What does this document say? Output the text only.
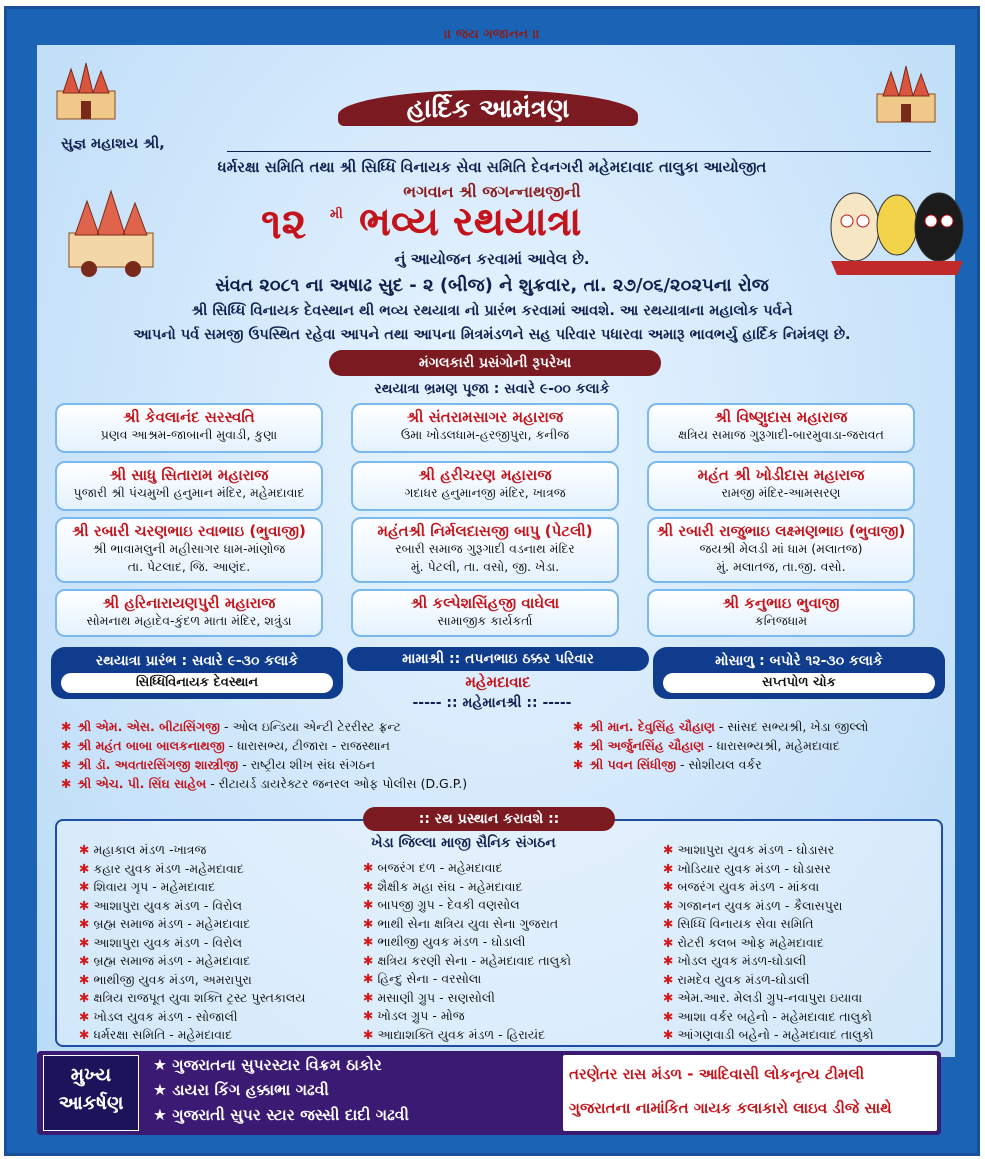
।। જય ગજાનન ।।
હાર્દિક આમંત્રણ
સુજ્ઞ મહાશય શ્રી,
ધર્મરક્ષા સમિતિ તથા શ્રી સિધ્ધિ વિનાયક સેવા સમિતિ દેવનગરી મહેમદાવાદ તાલુકા આયોજીત
ભગવાન શ્રી જગન્નાથજીની
૧૨ મી ભવ્ય રથયાત્રા
નું આયોજન કરવામાં આવેલ છે.
સંવત ૨૦૮૧ ના અષાઢ સુદ - ૨ (બીજ) ને શુક્રવાર, તા. ૨૭/૦૬/૨૦૨૫ના રોજ
શ્રી સિધ્ધિ વિનાયક દેવસ્થાન થી ભવ્ય રથયાત્રા નો પ્રારંભ કરવામાં આવશે. આ રથયાત્રાના મહાલોક પર્વને
આપનો પર્વ સમજી ઉપસ્થિત રહેવા આપને તથા આપના મિત્રમંડળને સહ પરિવાર પધારવા અમારૂ ભાવભર્યુ હાર્દિક નિમંત્રણ છે.
મંગલકારી પ્રસંગોની રૂપરેખા
રથયાત્રા ભ્રમણ પૂજા : સવારે ૯-૦૦ કલાકે
શ્રી કેવલાનંદ સરસ્વતિ
પ્રણવ આશ્રમ-જાબાની મુવાડી, કુણા
શ્રી સંતરામસાગર મહારાજ
ઉમા ખોડલધામ-હરજીપુરા, કનીજ
શ્રી વિષ્ણુદાસ મહારાજ
ક્ષત્રિય સમાજ ગુરૂગાદી-બારમુવાડા-જરાવત
શ્રી સાધુ સિતારામ મહારાજ
પુજારી શ્રી પંચમુખી હનુમાન મંદિર, મહેમદાવાદ
શ્રી હરીચરણ મહારાજ
ગદાધર હનુમાનજી મંદિર, ખાત્રજ
મહંત શ્રી ખોડીદાસ મહારાજ
રામજી મંદિર-આમસરણ
શ્રી રબારી ચરણભાઇ રવાભાઇ (ભુવાજી)
શ્રી ભાવામલુની મહીસાગર ધામ-માંણોજ
તા. પેટલાદ, જિ. આણંદ.
મહંતશ્રી નિર્મલદાસજી બાપુ (પેટલી)
રબારી સમાજ ગુરૂગાદી વડનાથ મંદિર
મું. પેટલી, તા. વસો, જી. ખેડા.
શ્રી રબારી રાજુભાઇ લક્ષ્મણભાઇ (ભુવાજી)
જયશ્રી મેલડી માં ધામ (મલાતજ)
મું. મલાતજ, તા.જી. વસો.
શ્રી હરિનારાયણપુરી મહારાજ
સોમનાથ મહાદેવ-કુંદળ માતા મંદિર, શત્રુંડા
શ્રી કલ્પેશસિંહજી વાઘેલા
સામાજીક કાર્યકર્તા
શ્રી કનુભાઇ ભુવાજી
કનિજધામ
રથયાત્રા પ્રારંભ : સવારે ૯-૩૦ કલાકે
સિધ્ધિવિનાયક દેવસ્થાન
મામાશ્રી :: તપનભાઇ ઠક્કર પરિવાર
મહેમદાવાદ
મોસાળુ : બપોરે ૧૨-૩૦ કલાકે
સપ્તપોળ ચોક
----- :: મહેમાનશ્રી :: -----
✱ શ્રી એમ. એસ. બીટાસિંગજી - ઓલ ઇન્ડિયા એન્ટી ટેરરીસ્ટ ફ્રન્ટ
✱ શ્રી મહંત બાબા બાલકનાથજી - ધારાસભ્ય, ટીજારા - રાજસ્થાન
✱ શ્રી ડૉ. અવતારસિંગજી શાસ્ત્રીજી - રાષ્ટ્રીય શીખ સંઘ સંગઠન
✱ શ્રી એચ. પી. સિંઘ સાહેબ - રીટાયર્ડ ડાયરેક્ટર જનરલ ઓફ પોલીસ (D.G.P.)
✱ શ્રી માન. દેવુસિંહ ચૌહાણ - સાંસદ સભ્યશ્રી, ખેડા જીલ્લો
✱ શ્રી અર્જુનસિંહ ચૌહાણ - ધારાસભ્યશ્રી, મહેમદાવાદ
✱ શ્રી પવન સિંધીજી - સોશીયલ વર્કર
:: રથ પ્રસ્થાન કરાવશે ::
ખેડા જિલ્લા માજી સૈનિક સંગઠન
✱ મહાકાલ મંડળ -ખાત્રજ
✱ કહાર યુવક મંડળ -મહેમદાવાદ
✱ શિવાય ગૃપ - મહેમદાવાદ
✱ આશાપુરા યુવક મંડળ - વિરોલ
✱ બ્રહ્મ સમાજ મંડળ - મહેમદાવાદ
✱ આશાપુરા યુવક મંડળ - વિરોલ
✱ બ્રહ્મ સમાજ મંડળ - મહેમદાવાદ
✱ ભાથીજી યુવક મંડળ, અમરાપુરા
✱ ક્ષત્રિય રાજપૂત યુવા શક્તિ ટ્રસ્ટ પુસ્તકાલય
✱ ખોડલ યુવક મંડળ - સોજાલી
✱ ધર્મરક્ષા સમિતિ - મહેમદાવાદ
✱ બજરંગ દળ - મહેમદાવાદ
✱ શૈક્ષીક મહા સંઘ - મહેમદાવાદ
✱ બાપજી ગ્રુપ - દેવકી વણસોલ
✱ ભાથી સેના ક્ષત્રિય યુવા સેના ગુજરાત
✱ ભાથીજી યુવક મંડળ - ઘોડાલી
✱ ક્ષત્રિય કરણી સેના - મહેમદાવાદ તાલુકો
✱ હિન્દુ સેના - વરસોલા
✱ મસાણી ગ્રુપ - સણસોલી
✱ ખોડલ ગ્રુપ - મોજ
✱ આદ્યાશક્તિ યુવક મંડળ - હિરાયંદ
✱ આશાપુરા યુવક મંડળ - ઘોડાસર
✱ ખોડિયાર યુવક મંડળ - ઘોડાસર
✱ બજરંગ યુવક મંડળ - માંકવા
✱ ગજાનન યુવક મંડળ - કૈલાસપુરા
✱ સિધ્ધિ વિનાયક સેવા સમિતિ
✱ રોટરી કલબ ઓફ મહેમદાવાદ
✱ ખોડલ યુવક મંડળ-ઘોડાલી
✱ રામદેવ યુવક મંડળ-ઘોડાલી
✱ એમ.આર. મેલડી ગ્રુપ-નવાપુરા ઇયાવા
✱ આશા વર્કર બહેનો - મહેમદાવાદ તાલુકો
✱ આંગણવાડી બહેનો - મહેમદાવાદ તાલુકો
મુખ્ય
આકર્ષણ
★ ગુજરાતના સુપરસ્ટાર વિક્રમ ઠાકોર
★ ડાયરા કિંગ હક્કાભા ગઢવી
★ ગુજરાતી સુપર સ્ટાર જસ્સી દાદી ગઢવી
તરણેતર રાસ મંડળ - આદિવાસી લોકનૃત્ય ટીમલી
ગુજરાતના નામાંકિત ગાયક કલાકારો લાઇવ ડીજે સાથે
